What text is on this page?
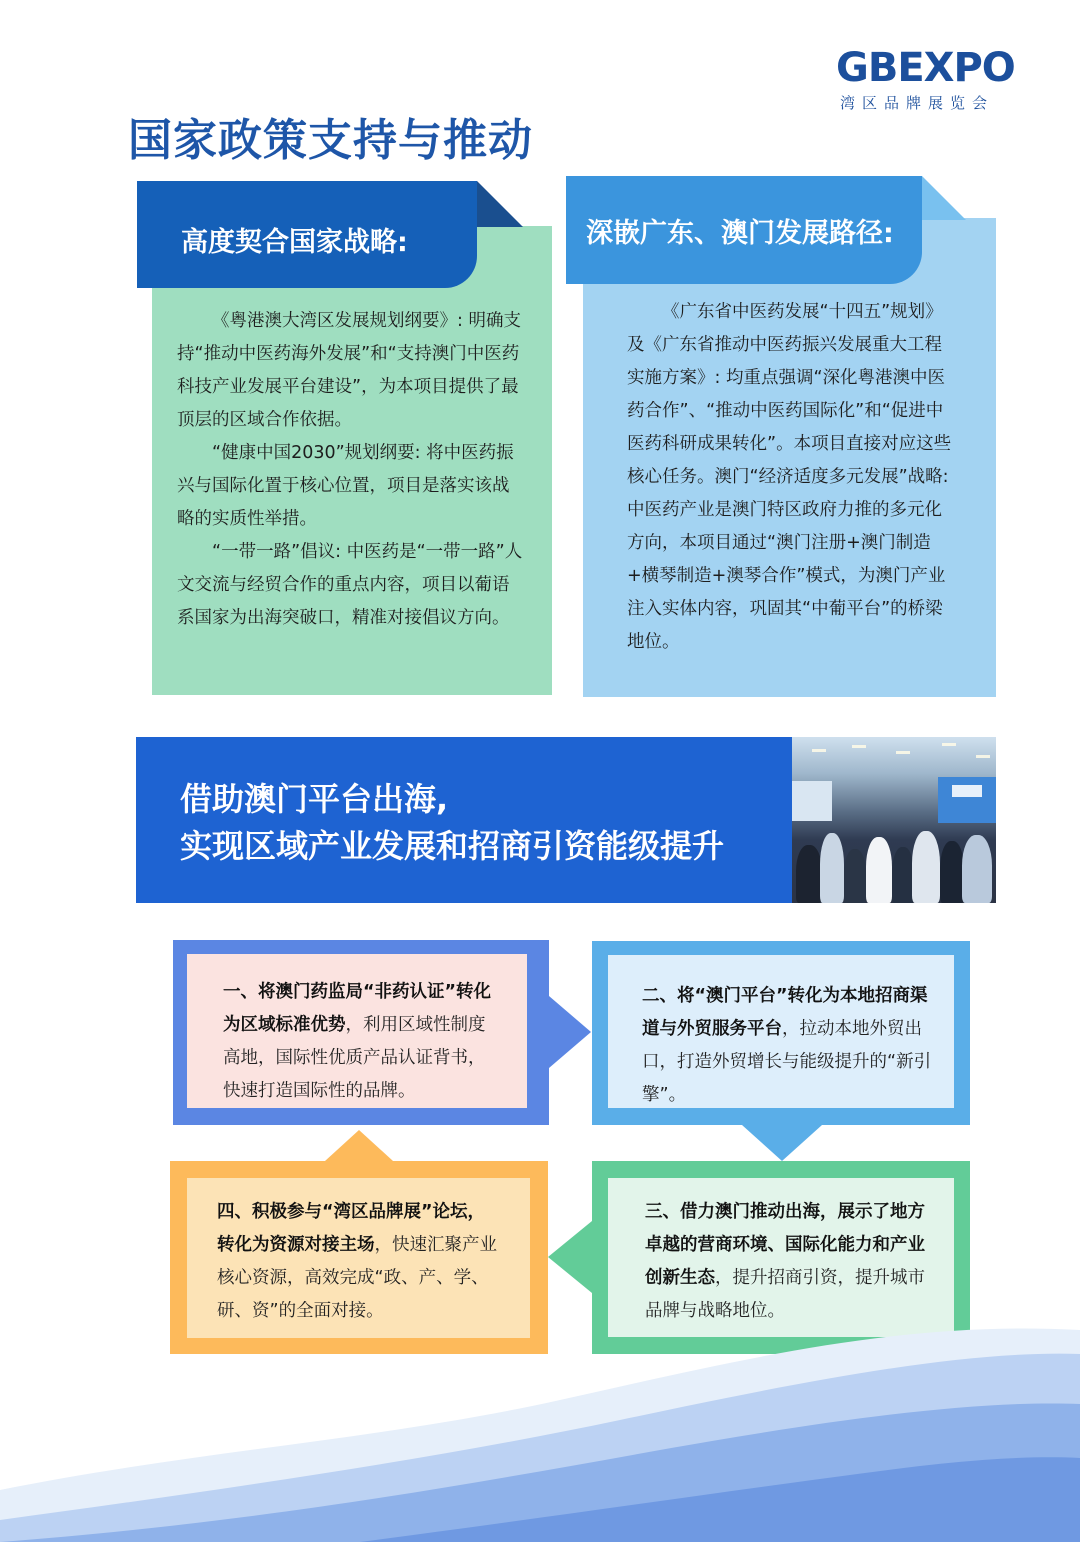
GBEXPO
湾区品牌展览会
国家政策支持与推动

《粤港澳大湾区发展规划纲要》: 明确支持“推动中医药海外发展”和“支持澳门中医药科技产业发展平台建设”，为本项目提供了最顶层的区域合作依据。

“健康中国2030”规划纲要: 将中医药振兴与国际化置于核心位置，项目是落实该战略的实质性举措。

“一带一路”倡议: 中医药是“一带一路”人文交流与经贸合作的重点内容，项目以葡语系国家为出海突破口，精准对接倡议方向。

高度契合国家战略:

《广东省中医药发展“十四五”规划》及《广东省推动中医药振兴发展重大工程实施方案》: 均重点强调“深化粤港澳中医药合作”、“推动中医药国际化”和“促进中医药科研成果转化”。本项目直接对应这些核心任务。澳门“经济适度多元发展”战略: 中医药产业是澳门特区政府力推的多元化方向，本项目通过“澳门注册+澳门制造+横琴制造+澳琴合作”模式，为澳门产业注入实体内容，巩固其“中葡平台”的桥梁地位。

深嵌广东、澳门发展路径:
借助澳门平台出海,
实现区域产业发展和招商引资能级提升
一、将澳门药监局“非药认证”转化为区域标准优势，利用区域性制度高地，国际性优质产品认证背书，快速打造国际性的品牌。
二、将“澳门平台”转化为本地招商渠道与外贸服务平台，拉动本地外贸出口，打造外贸增长与能级提升的“新引擎”。
四、积极参与“湾区品牌展”论坛，转化为资源对接主场，快速汇聚产业核心资源，高效完成“政、产、学、研、资”的全面对接。
三、借力澳门推动出海，展示了地方卓越的营商环境、国际化能力和产业创新生态，提升招商引资，提升城市品牌与战略地位。
